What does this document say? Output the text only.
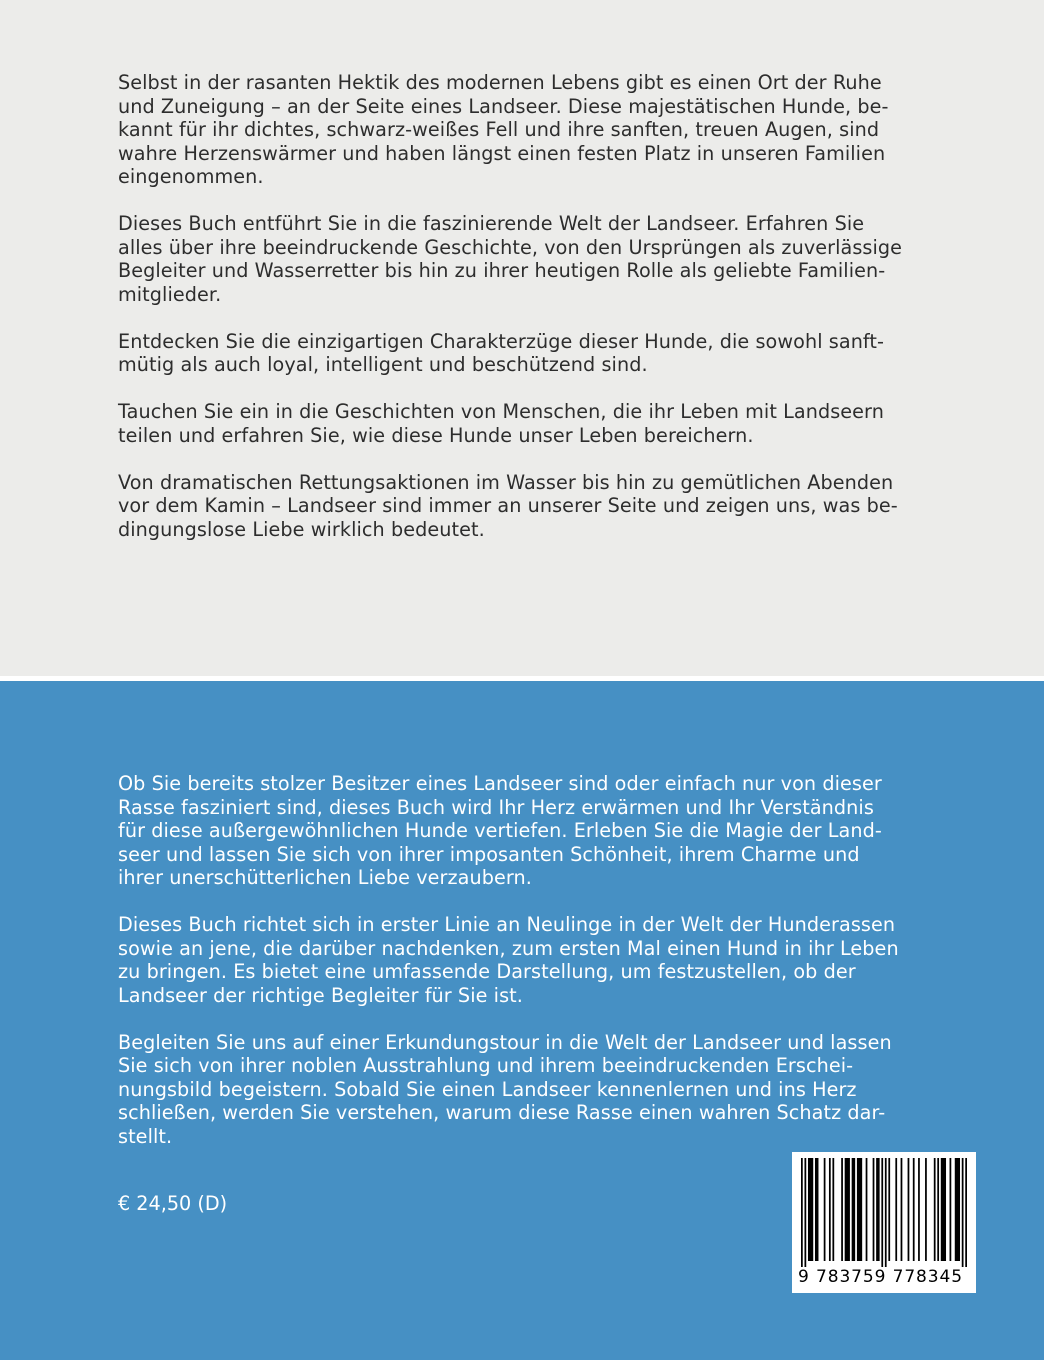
Selbst in der rasanten Hektik des modernen Lebens gibt es einen Ort der Ruhe
und Zuneigung – an der Seite eines Landseer. Diese majestätischen Hunde, be-
kannt für ihr dichtes, schwarz-weißes Fell und ihre sanften, treuen Augen, sind
wahre Herzenswärmer und haben längst einen festen Platz in unseren Familien
eingenommen.

Dieses Buch entführt Sie in die faszinierende Welt der Landseer. Erfahren Sie
alles über ihre beeindruckende Geschichte, von den Ursprüngen als zuverlässige
Begleiter und Wasserretter bis hin zu ihrer heutigen Rolle als geliebte Familien-
mitglieder.

Entdecken Sie die einzigartigen Charakterzüge dieser Hunde, die sowohl sanft-
mütig als auch loyal, intelligent und beschützend sind.

Tauchen Sie ein in die Geschichten von Menschen, die ihr Leben mit Landseern
teilen und erfahren Sie, wie diese Hunde unser Leben bereichern.

Von dramatischen Rettungsaktionen im Wasser bis hin zu gemütlichen Abenden
vor dem Kamin – Landseer sind immer an unserer Seite und zeigen uns, was be-
dingungslose Liebe wirklich bedeutet.

Ob Sie bereits stolzer Besitzer eines Landseer sind oder einfach nur von dieser
Rasse fasziniert sind, dieses Buch wird Ihr Herz erwärmen und Ihr Verständnis
für diese außergewöhnlichen Hunde vertiefen. Erleben Sie die Magie der Land-
seer und lassen Sie sich von ihrer imposanten Schönheit, ihrem Charme und
ihrer unerschütterlichen Liebe verzaubern.

Dieses Buch richtet sich in erster Linie an Neulinge in der Welt der Hunderassen
sowie an jene, die darüber nachdenken, zum ersten Mal einen Hund in ihr Leben
zu bringen. Es bietet eine umfassende Darstellung, um festzustellen, ob der
Landseer der richtige Begleiter für Sie ist.

Begleiten Sie uns auf einer Erkundungstour in die Welt der Landseer und lassen
Sie sich von ihrer noblen Ausstrahlung und ihrem beeindruckenden Erschei-
nungsbild begeistern. Sobald Sie einen Landseer kennenlernen und ins Herz
schließen, werden Sie verstehen, warum diese Rasse einen wahren Schatz dar-
stellt.

€ 24,50 (D)
9 783759 778345
